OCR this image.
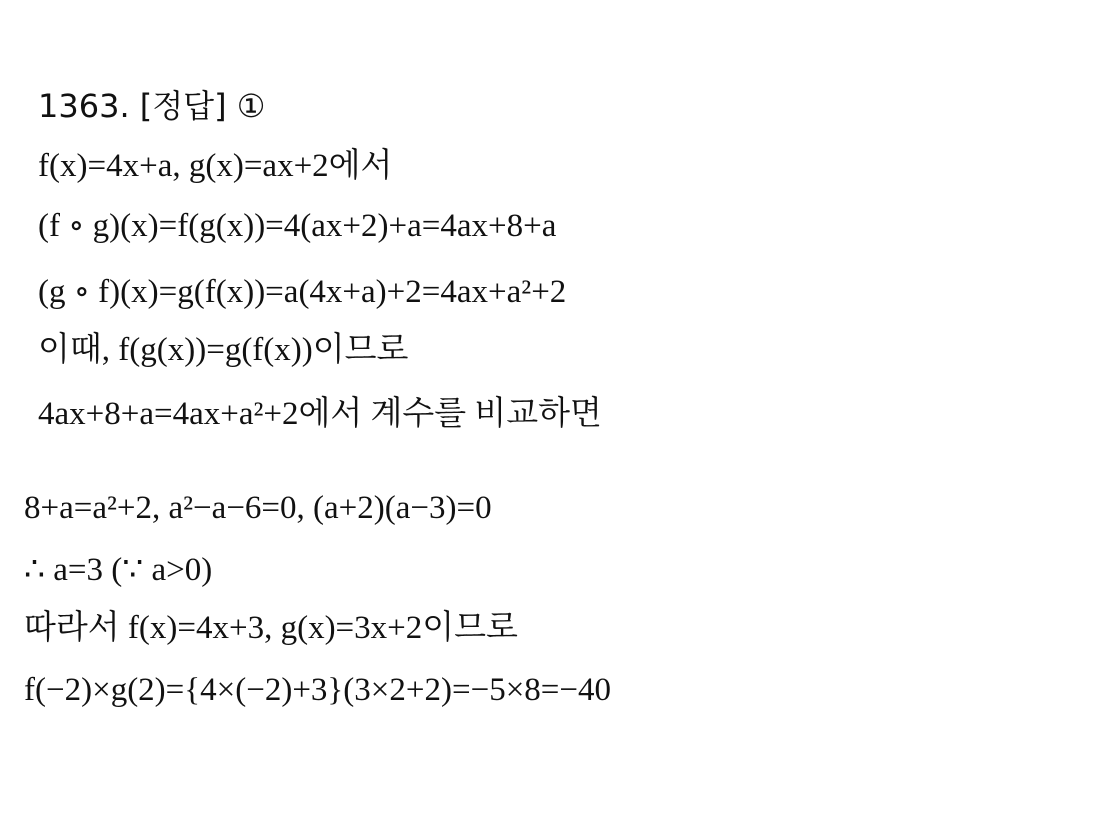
1363. [정답] ①
f(x)=4x+a, g(x)=ax+2에서
(f ∘ g)(x)=f(g(x))=4(ax+2)+a=4ax+8+a
(g ∘ f)(x)=g(f(x))=a(4x+a)+2=4ax+a²+2
이때, f(g(x))=g(f(x))이므로
4ax+8+a=4ax+a²+2에서 계수를 비교하면
8+a=a²+2, a²−a−6=0, (a+2)(a−3)=0
∴ a=3 (∵ a>0)
따라서 f(x)=4x+3, g(x)=3x+2이므로
f(−2)×g(2)={4×(−2)+3}(3×2+2)=−5×8=−40
